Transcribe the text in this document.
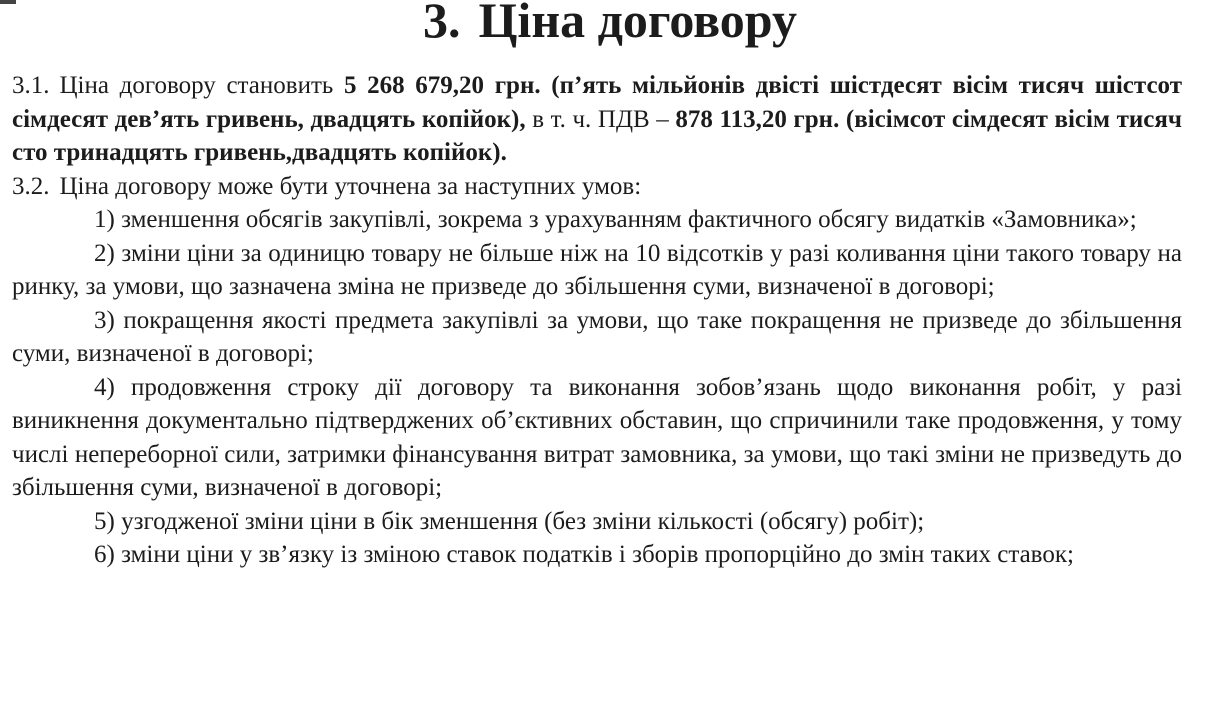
3. Ціна договору

3.1. Ціна договору становить 5 268 679,20 грн. (п’ять мільйонів двісті шістдесят вісім тисяч шістсот сімдесят дев’ять гривень, двадцять копійок), в т. ч. ПДВ – 878 113,20 грн. (вісімсот сімдесят вісім тисяч сто тринадцять гривень,двадцять копійок).

3.2. Ціна договору може бути уточнена за наступних умов:

1) зменшення обсягів закупівлі, зокрема з урахуванням фактичного обсягу видатків «Замовника»;

2) зміни ціни за одиницю товару не більше ніж на 10 відсотків у разі коливання ціни такого товару на ринку, за умови, що зазначена зміна не призведе до збільшення суми, визначеної в договорі;

3) покращення якості предмета закупівлі за умови, що таке покращення не призведе до збільшення суми, визначеної в договорі;

4) продовження строку дії договору та виконання зобов’язань щодо виконання робіт, у разі виникнення документально підтверджених об’єктивних обставин, що спричинили таке продовження, у тому числі непереборної сили, затримки фінансування витрат замовника, за умови, що такі зміни не призведуть до збільшення суми, визначеної в договорі;

5) узгодженої зміни ціни в бік зменшення (без зміни кількості (обсягу) робіт);

6) зміни ціни у зв’язку із зміною ставок податків і зборів пропорційно до змін таких ставок;
